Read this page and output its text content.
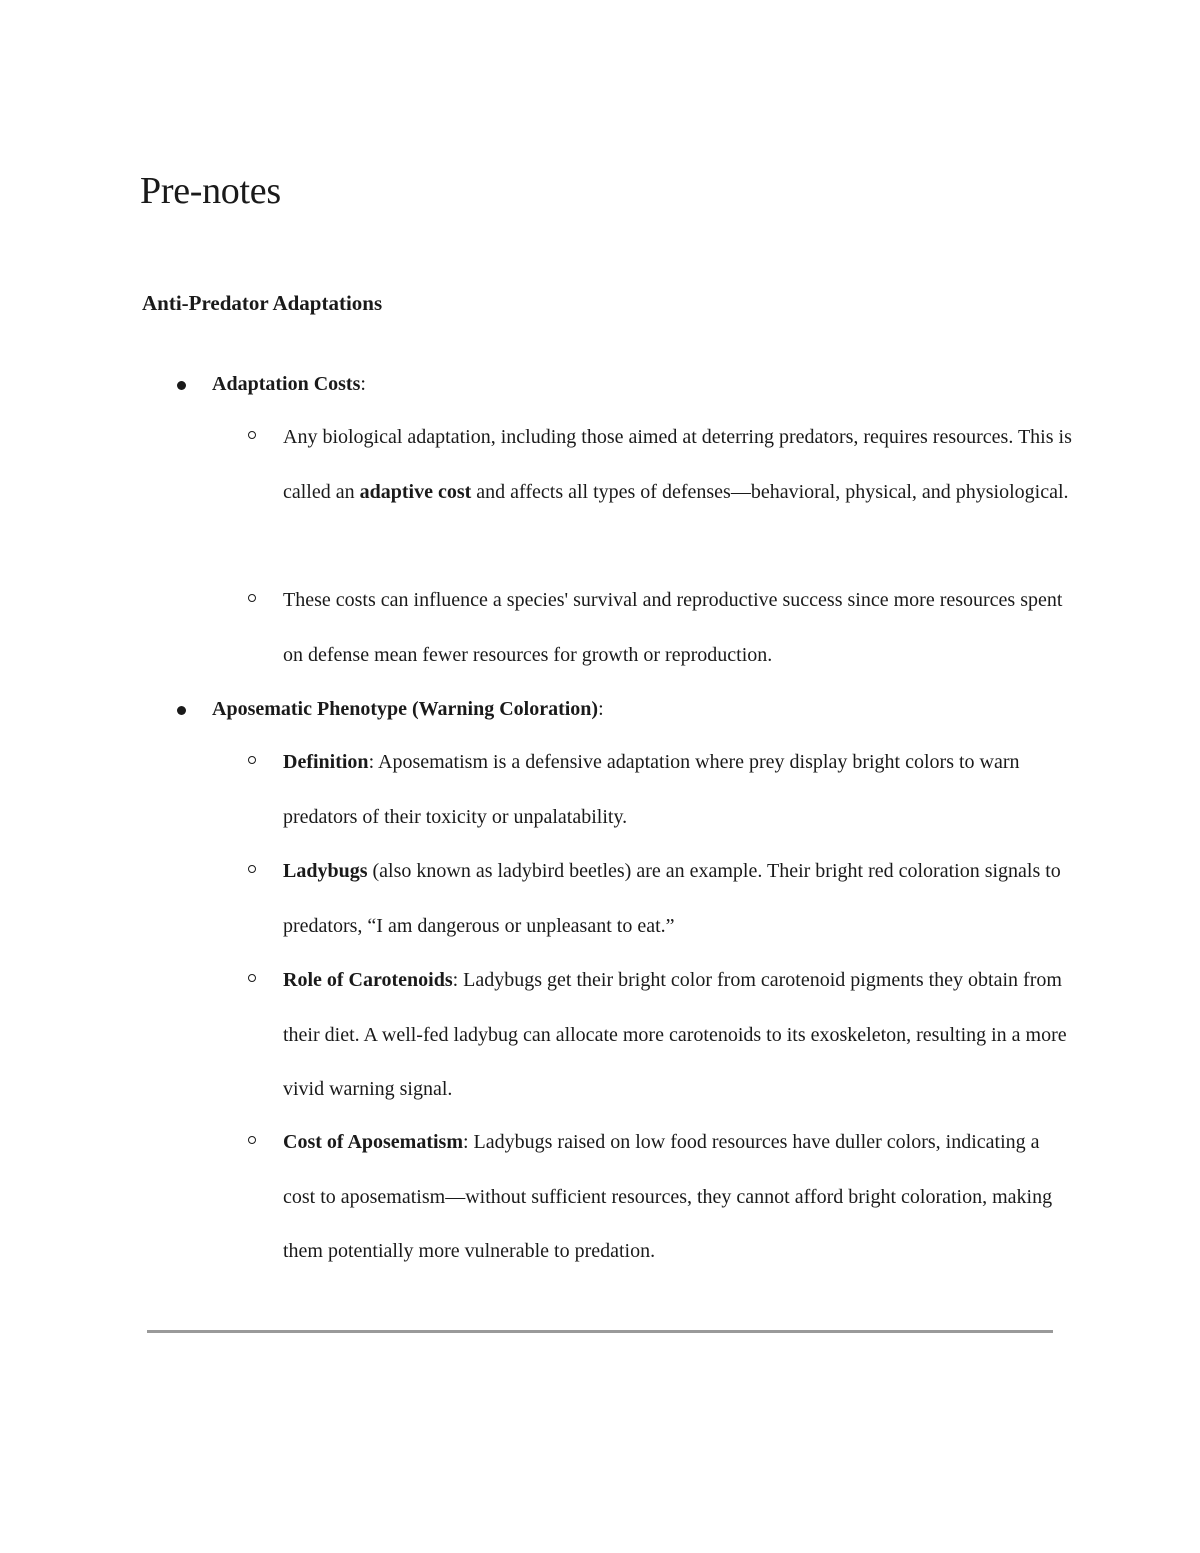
Pre-notes
Anti-Predator Adaptations
Adaptation Costs:

Any biological adaptation, including those aimed at deterring predators, requires resources. This is called an adaptive cost and affects all types of defenses—behavioral, physical, and physiological.

These costs can influence a species' survival and reproductive success since more resources spent on defense mean fewer resources for growth or reproduction.

Aposematic Phenotype (Warning Coloration):

Definition: Aposematism is a defensive adaptation where prey display bright colors to warn predators of their toxicity or unpalatability.

Ladybugs (also known as ladybird beetles) are an example. Their bright red coloration signals to predators, “I am dangerous or unpleasant to eat.”

Role of Carotenoids: Ladybugs get their bright color from carotenoid pigments they obtain from their diet. A well-fed ladybug can allocate more carotenoids to its exoskeleton, resulting in a more vivid warning signal.

Cost of Aposematism: Ladybugs raised on low food resources have duller colors, indicating a cost to aposematism—without sufficient resources, they cannot afford bright coloration, making them potentially more vulnerable to predation.
